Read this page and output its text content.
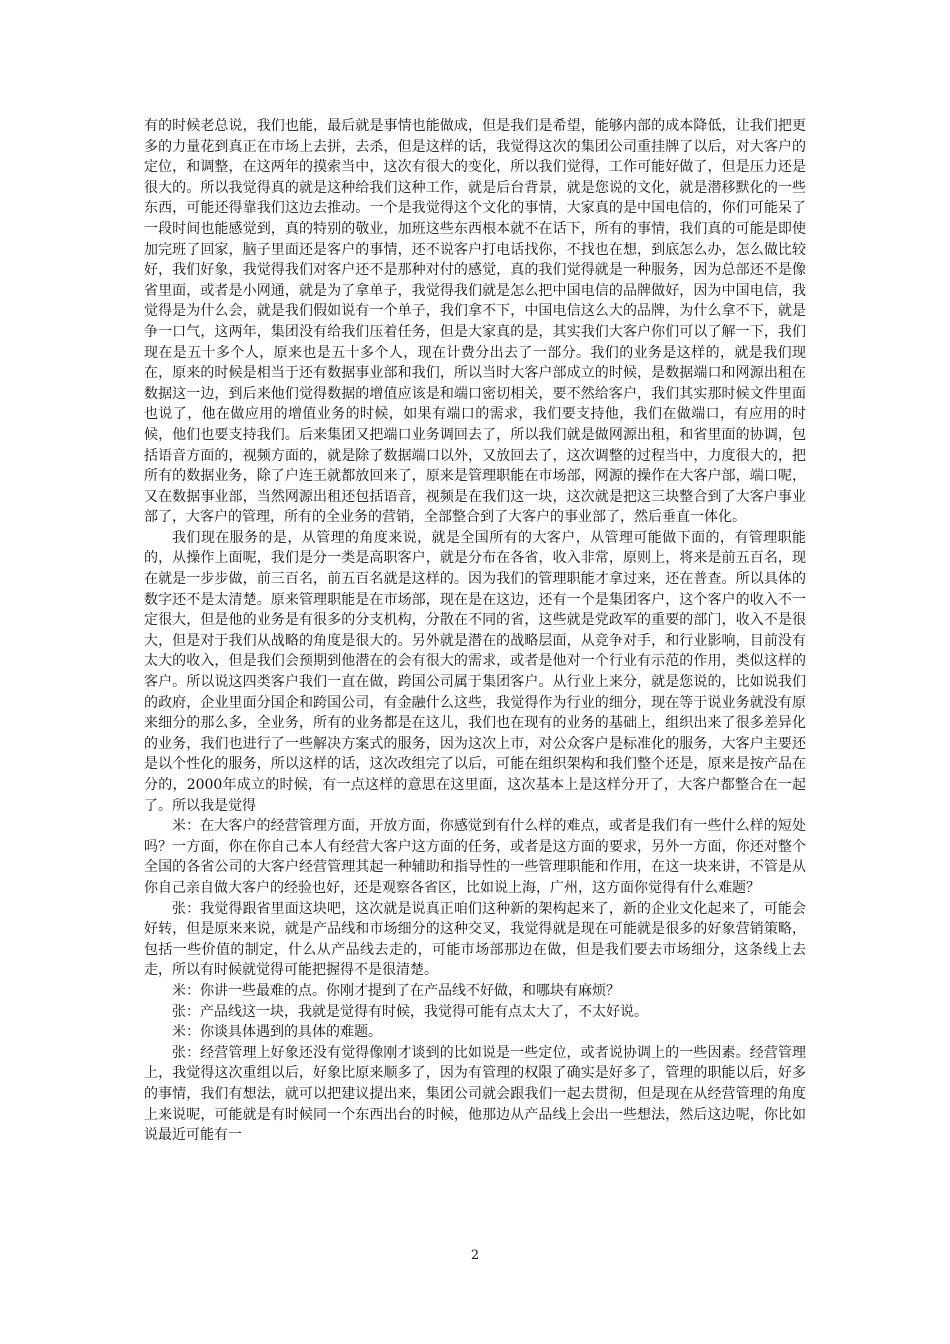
有的时候老总说，我们也能，最后就是事情也能做成，但是我们是希望，能够内部的成本降低，让我们把更多的力量花到真正在市场上去拼，去杀，但是这样的话，我觉得这次的集团公司重挂牌了以后，对大客户的定位，和调整，在这两年的摸索当中，这次有很大的变化，所以我们觉得，工作可能好做了，但是压力还是很大的。所以我觉得真的就是这种给我们这种工作，就是后台背景，就是您说的文化，就是潜移默化的一些东西，可能还得靠我们这边去推动。一个是我觉得这个文化的事情，大家真的是中国电信的，你们可能呆了一段时间也能感觉到，真的特别的敬业，加班这些东西根本就不在话下，所有的事情，我们真的可能是即使加完班了回家，脑子里面还是客户的事情，还不说客户打电话找你，不找也在想，到底怎么办，怎么做比较好，我们好象，我觉得我们对客户还不是那种对付的感觉，真的我们觉得就是一种服务，因为总部还不是像省里面，或者是小网通，就是为了拿单子，我觉得我们就是怎么把中国电信的品牌做好，因为中国电信，我觉得是为什么会，就是我们假如说有一个单子，我们拿不下，中国电信这么大的品牌，为什么拿不下，就是争一口气，这两年，集团没有给我们压着任务，但是大家真的是，其实我们大客户你们可以了解一下，我们现在是五十多个人，原来也是五十多个人，现在计费分出去了一部分。我们的业务是这样的，就是我们现在，原来的时候是相当于还有数据事业部和我们，所以当时大客户部成立的时候，是数据端口和网源出租在数据这一边，到后来他们觉得数据的增值应该是和端口密切相关，要不然给客户，我们其实那时候文件里面也说了，他在做应用的增值业务的时候，如果有端口的需求，我们要支持他，我们在做端口，有应用的时候，他们也要支持我们。后来集团又把端口业务调回去了，所以我们就是做网源出租，和省里面的协调，包括语音方面的，视频方面的，就是除了数据端口以外，又放回去了，这次调整的过程当中，力度很大的，把所有的数据业务，除了户连王就都放回来了，原来是管理职能在市场部，网源的操作在大客户部，端口呢，又在数据事业部，当然网源出租还包括语音，视频是在我们这一块，这次就是把这三块整合到了大客户事业部了，大客户的管理，所有的全业务的营销，全部整合到了大客户的事业部了，然后垂直一体化。

我们现在服务的是，从管理的角度来说，就是全国所有的大客户，从管理可能做下面的，有管理职能的，从操作上面呢，我们是分一类是高职客户，就是分布在各省，收入非常，原则上，将来是前五百名，现在就是一步步做，前三百名，前五百名就是这样的。因为我们的管理职能才拿过来，还在普查。所以具体的数字还不是太清楚。原来管理职能是在市场部，现在是在这边，还有一个是集团客户，这个客户的收入不一定很大，但是他的业务是有很多的分支机构，分散在不同的省，这些就是党政军的重要的部门，收入不是很大，但是对于我们从战略的角度是很大的。另外就是潜在的战略层面，从竞争对手，和行业影响，目前没有太大的收入，但是我们会预期到他潜在的会有很大的需求，或者是他对一个行业有示范的作用，类似这样的客户。所以说这四类客户我们一直在做，跨国公司属于集团客户。从行业上来分，就是您说的，比如说我们的政府，企业里面分国企和跨国公司，有金融什么这些，我觉得作为行业的细分，现在等于说业务就没有原来细分的那么多，全业务，所有的业务都是在这儿，我们也在现有的业务的基础上，组织出来了很多差异化的业务，我们也进行了一些解决方案式的服务，因为这次上市，对公众客户是标准化的服务，大客户主要还是以个性化的服务，所以这样的话，这次改组完了以后，可能在组织架构和我们整个还是，原来是按产品在分的，2000年成立的时候，有一点这样的意思在这里面，这次基本上是这样分开了，大客户都整合在一起了。所以我是觉得

米：在大客户的经营管理方面，开放方面，你感觉到有什么样的难点，或者是我们有一些什么样的短处吗？一方面，你在你自己本人有经营大客户这方面的任务，或者是这方面的要求，另外一方面，你还对整个全国的各省公司的大客户经营管理其起一种辅助和指导性的一些管理职能和作用，在这一块来讲，不管是从你自己亲自做大客户的经验也好，还是观察各省区，比如说上海，广州，这方面你觉得有什么难题？

张：我觉得跟省里面这块吧，这次就是说真正咱们这种新的架构起来了，新的企业文化起来了，可能会好转，但是原来来说，就是产品线和市场细分的这种交叉，我觉得就是现在可能就是很多的好象营销策略，包括一些价值的制定，什么从产品线去走的，可能市场部那边在做，但是我们要去市场细分，这条线上去走，所以有时候就觉得可能把握得不是很清楚。

米：你讲一些最难的点。你刚才提到了在产品线不好做，和哪块有麻烦？

张：产品线这一块，我就是觉得有时候，我觉得可能有点太大了，不太好说。

米：你谈具体遇到的具体的难题。

张：经营管理上好象还没有觉得像刚才谈到的比如说是一些定位，或者说协调上的一些因素。经营管理上，我觉得这次重组以后，好象比原来顺多了，因为有管理的权限了确实是好多了，管理的职能以后，好多的事情，我们有想法，就可以把建议提出来，集团公司就会跟我们一起去贯彻，但是现在从经营管理的角度上来说呢，可能就是有时候同一个东西出台的时候，他那边从产品线上会出一些想法，然后这边呢，你比如说最近可能有一

2
